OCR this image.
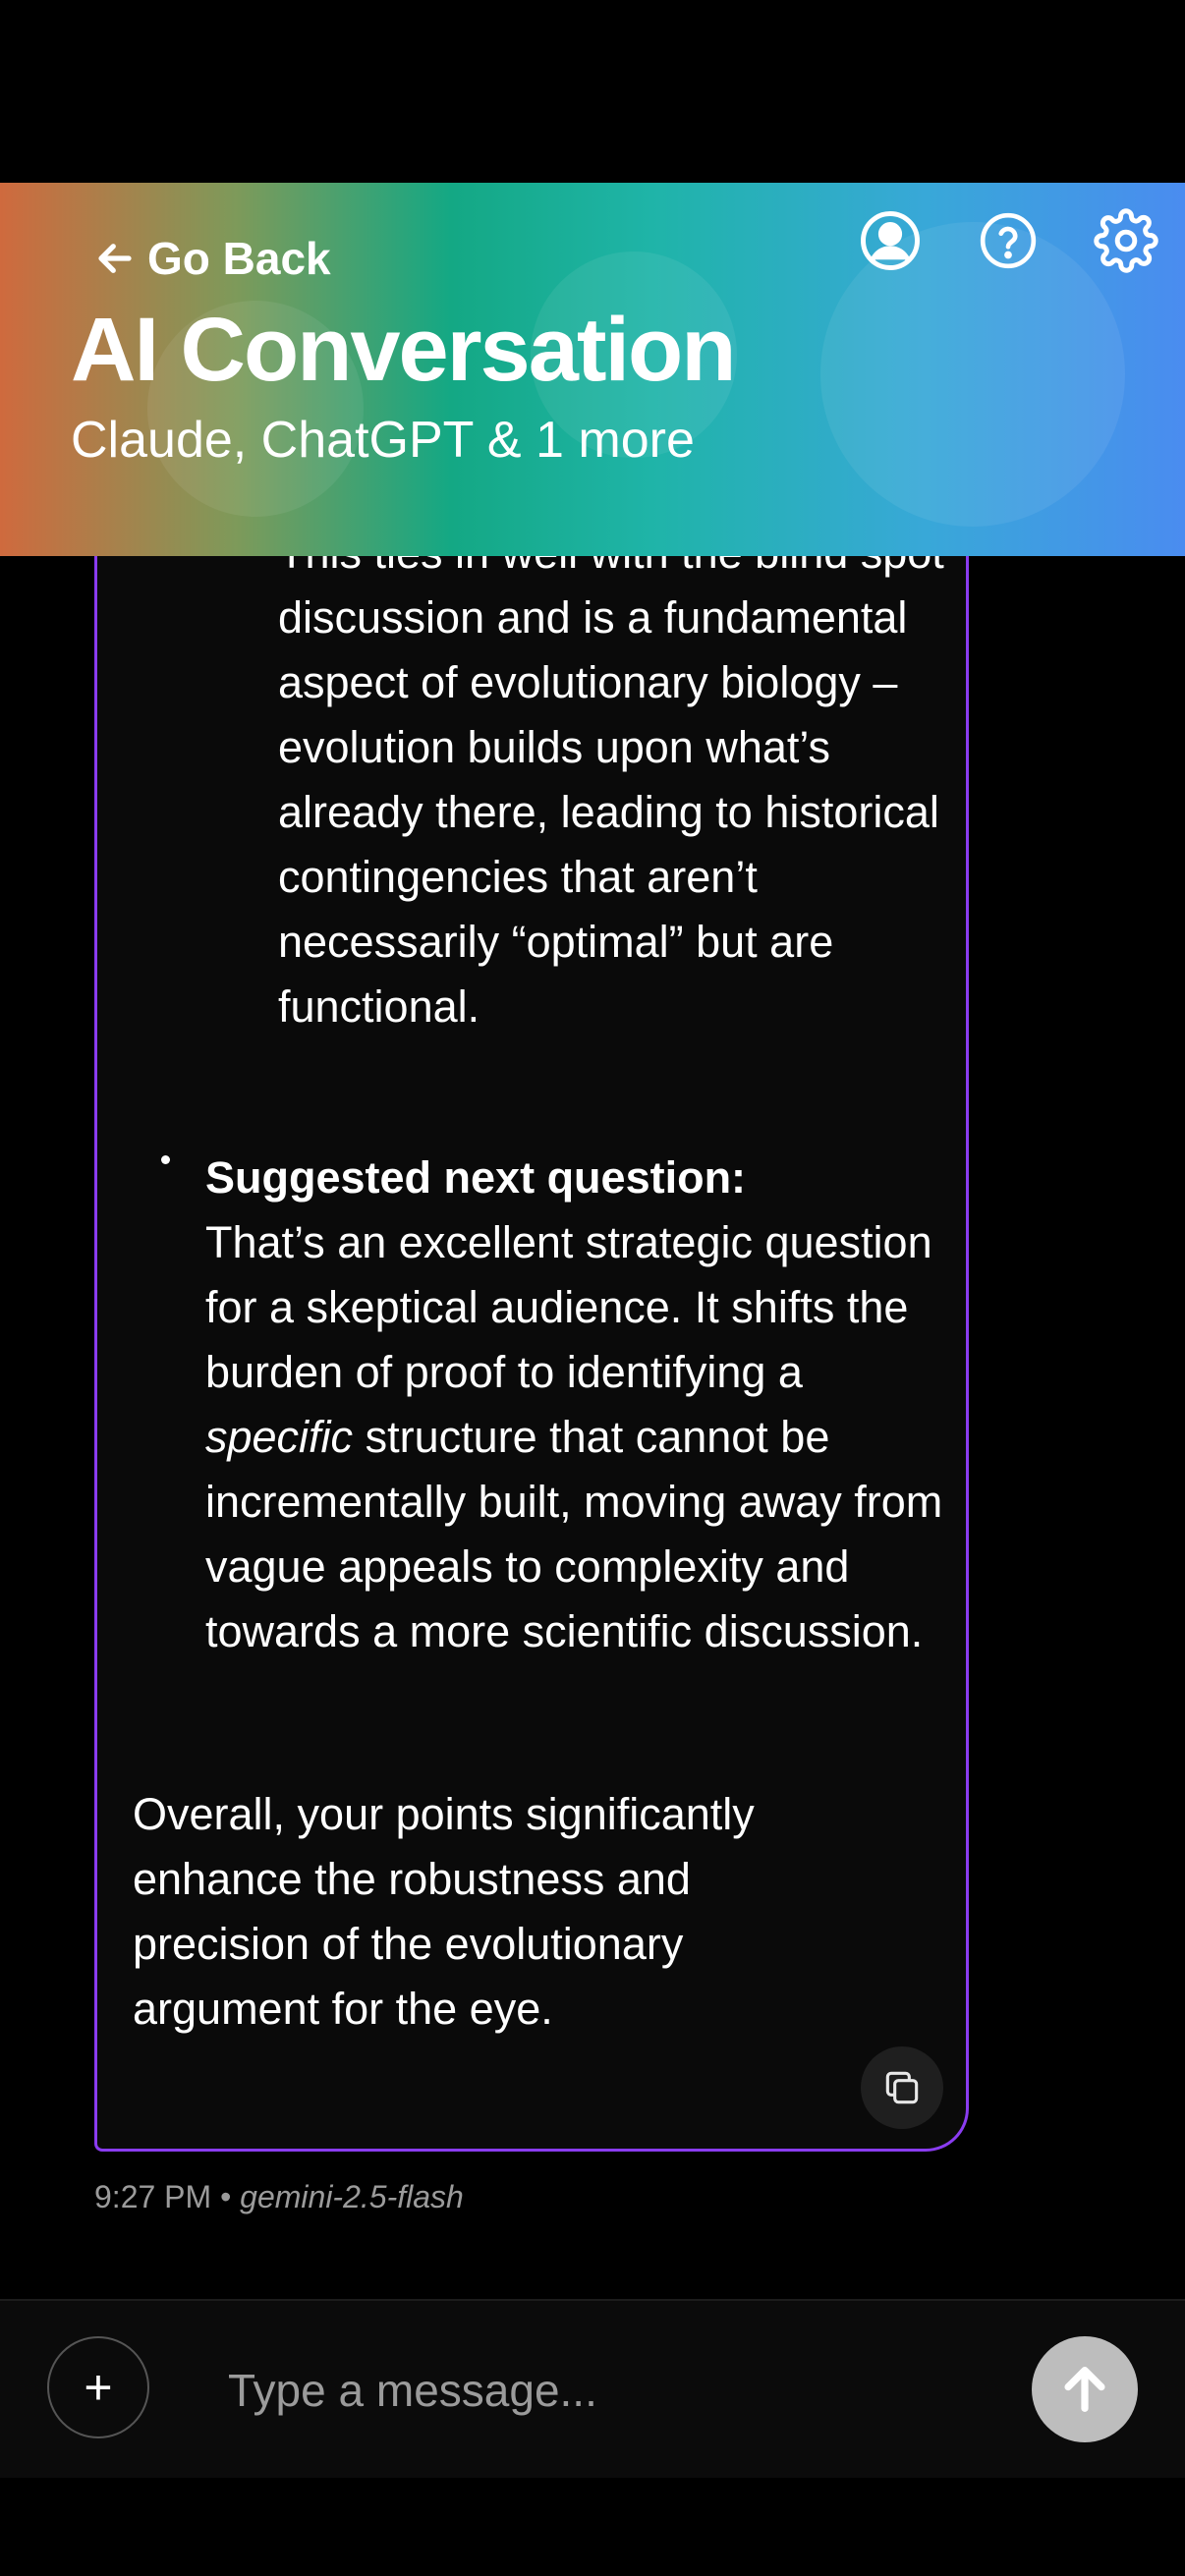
discussion and is a fundamental aspect of evolutionary biology – evolution builds upon what’s already there, leading to historical contingencies that aren’t necessarily “optimal” but are functional.

Suggested next question:
That’s an excellent strategic question for a skeptical audience. It shifts the burden of proof to identifying a specific structure that cannot be incrementally built, moving away from vague appeals to complexity and towards a more scientific discussion.

Overall, your points significantly enhance the robustness and precision of the evolutionary argument for the eye.

9:27 PM • gemini-2.5-flash
Go Back
AI Conversation
Claude, ChatGPT & 1 more
+
Type a message...
